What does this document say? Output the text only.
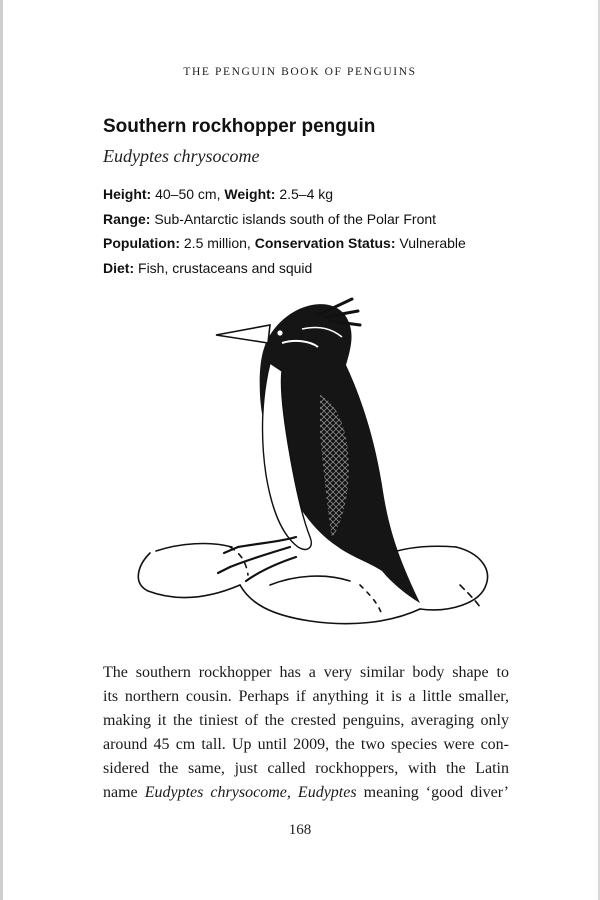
THE PENGUIN BOOK OF PENGUINS
Southern rockhopper penguin
Eudyptes chrysocome
Height: 40–50 cm, Weight: 2.5–4 kg
Range: Sub-Antarctic islands south of the Polar Front
Population: 2.5 million, Conservation Status: Vulnerable
Diet: Fish, crustaceans and squid
The southern rockhopper has a very similar body shape to
its northern cousin. Perhaps if anything it is a little smaller,
making it the tiniest of the crested penguins, averaging only
around 45 cm tall. Up until 2009, the two species were con-
sidered the same, just called rockhoppers, with the Latin
name Eudyptes chrysocome, Eudyptes meaning ‘good diver’
168
